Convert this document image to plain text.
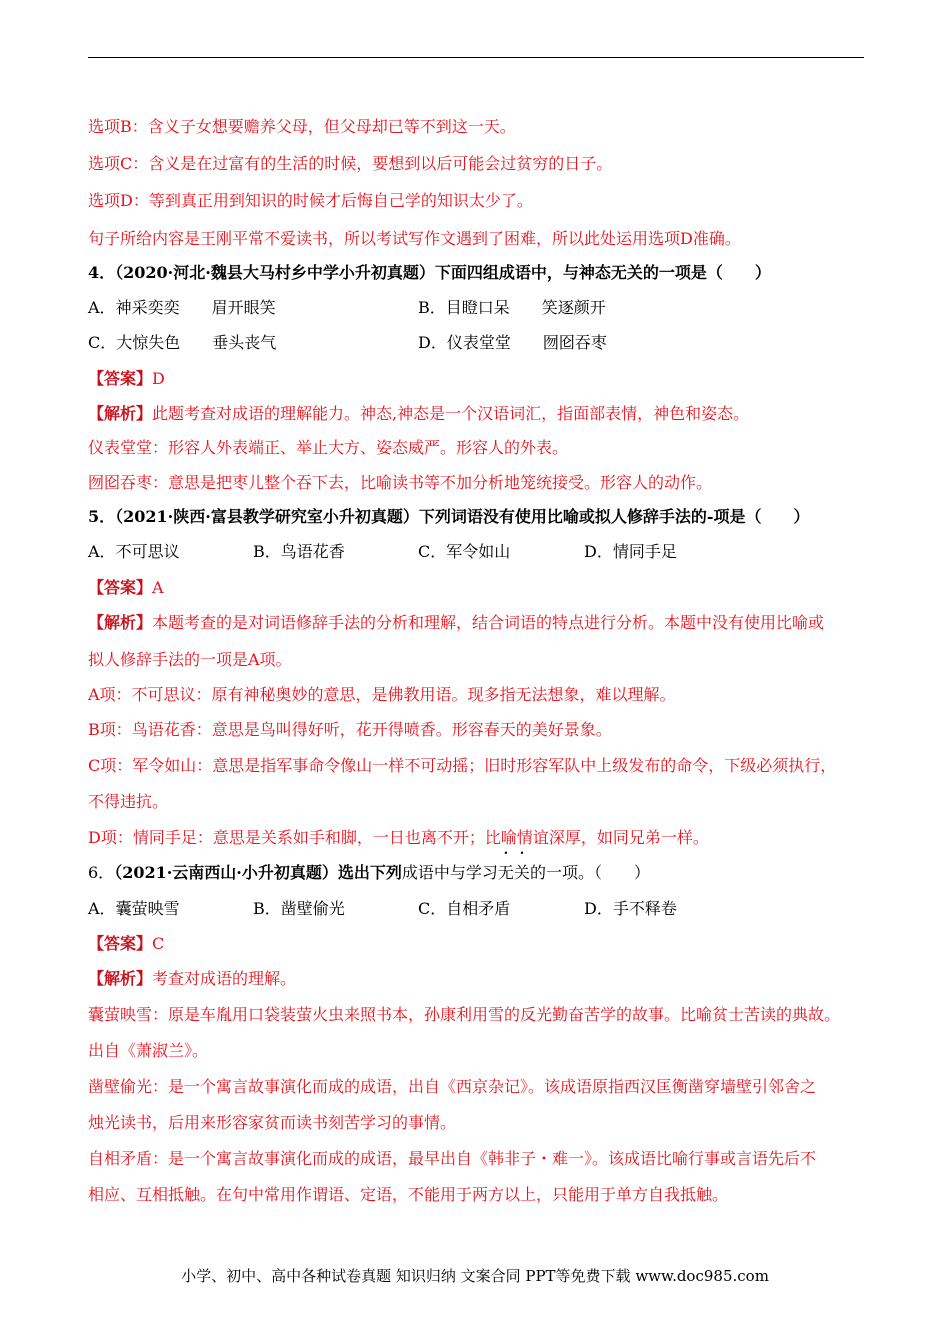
选项B：含义子女想要赡养父母，但父母却已等不到这一天。
选项C：含义是在过富有的生活的时候，要想到以后可能会过贫穷的日子。
选项D：等到真正用到知识的时候才后悔自己学的知识太少了。
句子所给内容是王刚平常不爱读书，所以考试写作文遇到了困难，所以此处运用选项D准确。
4．（2020·河北·魏县大马村乡中学小升初真题）下面四组成语中，与神态无关的一项是（　　）
A．神采奕奕　　眉开眼笑	B．目瞪口呆　　笑逐颜开
C．大惊失色　　垂头丧气	D．仪表堂堂　　囫囵吞枣
【答案】D
【解析】此题考查对成语的理解能力。神态,神态是一个汉语词汇，指面部表情，神色和姿态。
仪表堂堂：形容人外表端正、举止大方、姿态威严。形容人的外表。
囫囵吞枣：意思是把枣儿整个吞下去，比喻读书等不加分析地笼统接受。形容人的动作。
5．（2021·陕西·富县教学研究室小升初真题）下列词语没有使用比喻或拟人修辞手法的-项是（　　）
A．不可思议	B．鸟语花香	C．军令如山	D．情同手足
【答案】A
【解析】本题考查的是对词语修辞手法的分析和理解，结合词语的特点进行分析。本题中没有使用比喻或
拟人修辞手法的一项是A项。
A项：不可思议：原有神秘奥妙的意思，是佛教用语。现多指无法想象，难以理解。
B项：鸟语花香：意思是鸟叫得好听，花开得喷香。形容春天的美好景象。
C项：军令如山：意思是指军事命令像山一样不可动摇；旧时形容军队中上级发布的命令，下级必须执行，
不得违抗。
D项：情同手足：意思是关系如手和脚，一日也离不开；比喻情谊深厚，如同兄弟一样。
6．（2021·云南西山·小升初真题）选出下列成语中与学习无关的一项。（　　）
A．囊萤映雪	B．凿壁偷光	C．自相矛盾	D．手不释卷
【答案】C
【解析】考查对成语的理解。
囊萤映雪：原是车胤用口袋装萤火虫来照书本，孙康利用雪的反光勤奋苦学的故事。比喻贫士苦读的典故。
出自《萧淑兰》。
凿壁偷光：是一个寓言故事演化而成的成语，出自《西京杂记》。该成语原指西汉匡衡凿穿墙壁引邻舍之
烛光读书，后用来形容家贫而读书刻苦学习的事情。
自相矛盾：是一个寓言故事演化而成的成语，最早出自《韩非子・难一》。该成语比喻行事或言语先后不
相应、互相抵触。在句中常用作谓语、定语，不能用于两方以上，只能用于单方自我抵触。
小学、初中、高中各种试卷真题 知识归纳 文案合同 PPT等免费下载 www.doc985.com
